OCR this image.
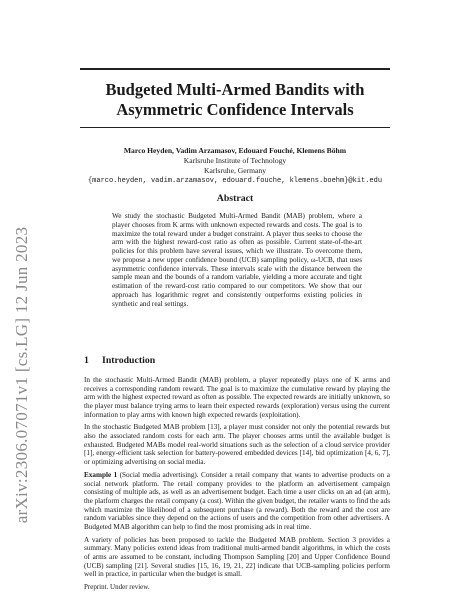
arXiv:2306.07071v1 [cs.LG] 12 Jun 2023
Budgeted Multi-Armed Bandits with
Asymmetric Confidence Intervals
Marco Heyden, Vadim Arzamasov, Edouard Fouché, Klemens Böhm
Karlsruhe Institute of Technology
Karlsruhe, Germany
{marco.heyden, vadim.arzamasov, edouard.fouche, klemens.boehm}@kit.edu
Abstract

We study the stochastic Budgeted Multi-Armed Bandit (MAB) problem, where a player chooses from K arms with unknown expected rewards and costs. The goal is to maximize the total reward under a budget constraint. A player thus seeks to choose the arm with the highest reward-cost ratio as often as possible. Current state-of-the-art policies for this problem have several issues, which we illustrate. To overcome them, we propose a new upper confidence bound (UCB) sampling policy, ω-UCB, that uses asymmetric confidence intervals. These intervals scale with the distance between the sample mean and the bounds of a random variable, yielding a more accurate and tight estimation of the reward-cost ratio compared to our competitors. We show that our approach has logarithmic regret and consistently outperforms existing policies in synthetic and real settings.

1 Introduction

In the stochastic Multi-Armed Bandit (MAB) problem, a player repeatedly plays one of K arms and receives a corresponding random reward. The goal is to maximize the cumulative reward by playing the arm with the highest expected reward as often as possible. The expected rewards are initially unknown, so the player must balance trying arms to learn their expected rewards (exploration) versus using the current information to play arms with known high expected rewards (exploitation).

In the stochastic Budgeted MAB problem [13], a player must consider not only the potential rewards but also the associated random costs for each arm. The player chooses arms until the available budget is exhausted. Budgeted MABs model real-world situations such as the selection of a cloud service provider [1], energy-efficient task selection for battery-powered embedded devices [14], bid optimization [4, 6, 7], or optimizing advertising on social media.

Example 1 (Social media advertising). Consider a retail company that wants to advertise products on a social network platform. The retail company provides to the platform an advertisement campaign consisting of multiple ads, as well as an advertisement budget. Each time a user clicks on an ad (an arm), the platform charges the retail company (a cost). Within the given budget, the retailer wants to find the ads which maximize the likelihood of a subsequent purchase (a reward). Both the reward and the cost are random variables since they depend on the actions of users and the competition from other advertisers. A Budgeted MAB algorithm can help to find the most promising ads in real time.

A variety of policies has been proposed to tackle the Budgeted MAB problem. Section 3 provides a summary. Many policies extend ideas from traditional multi-armed bandit algorithms, in which the costs of arms are assumed to be constant, including Thompson Sampling [20] and Upper Confidence Bound (UCB) sampling [21]. Several studies [15, 16, 19, 21, 22] indicate that UCB-sampling policies perform well in practice, in particular when the budget is small.

Preprint. Under review.
